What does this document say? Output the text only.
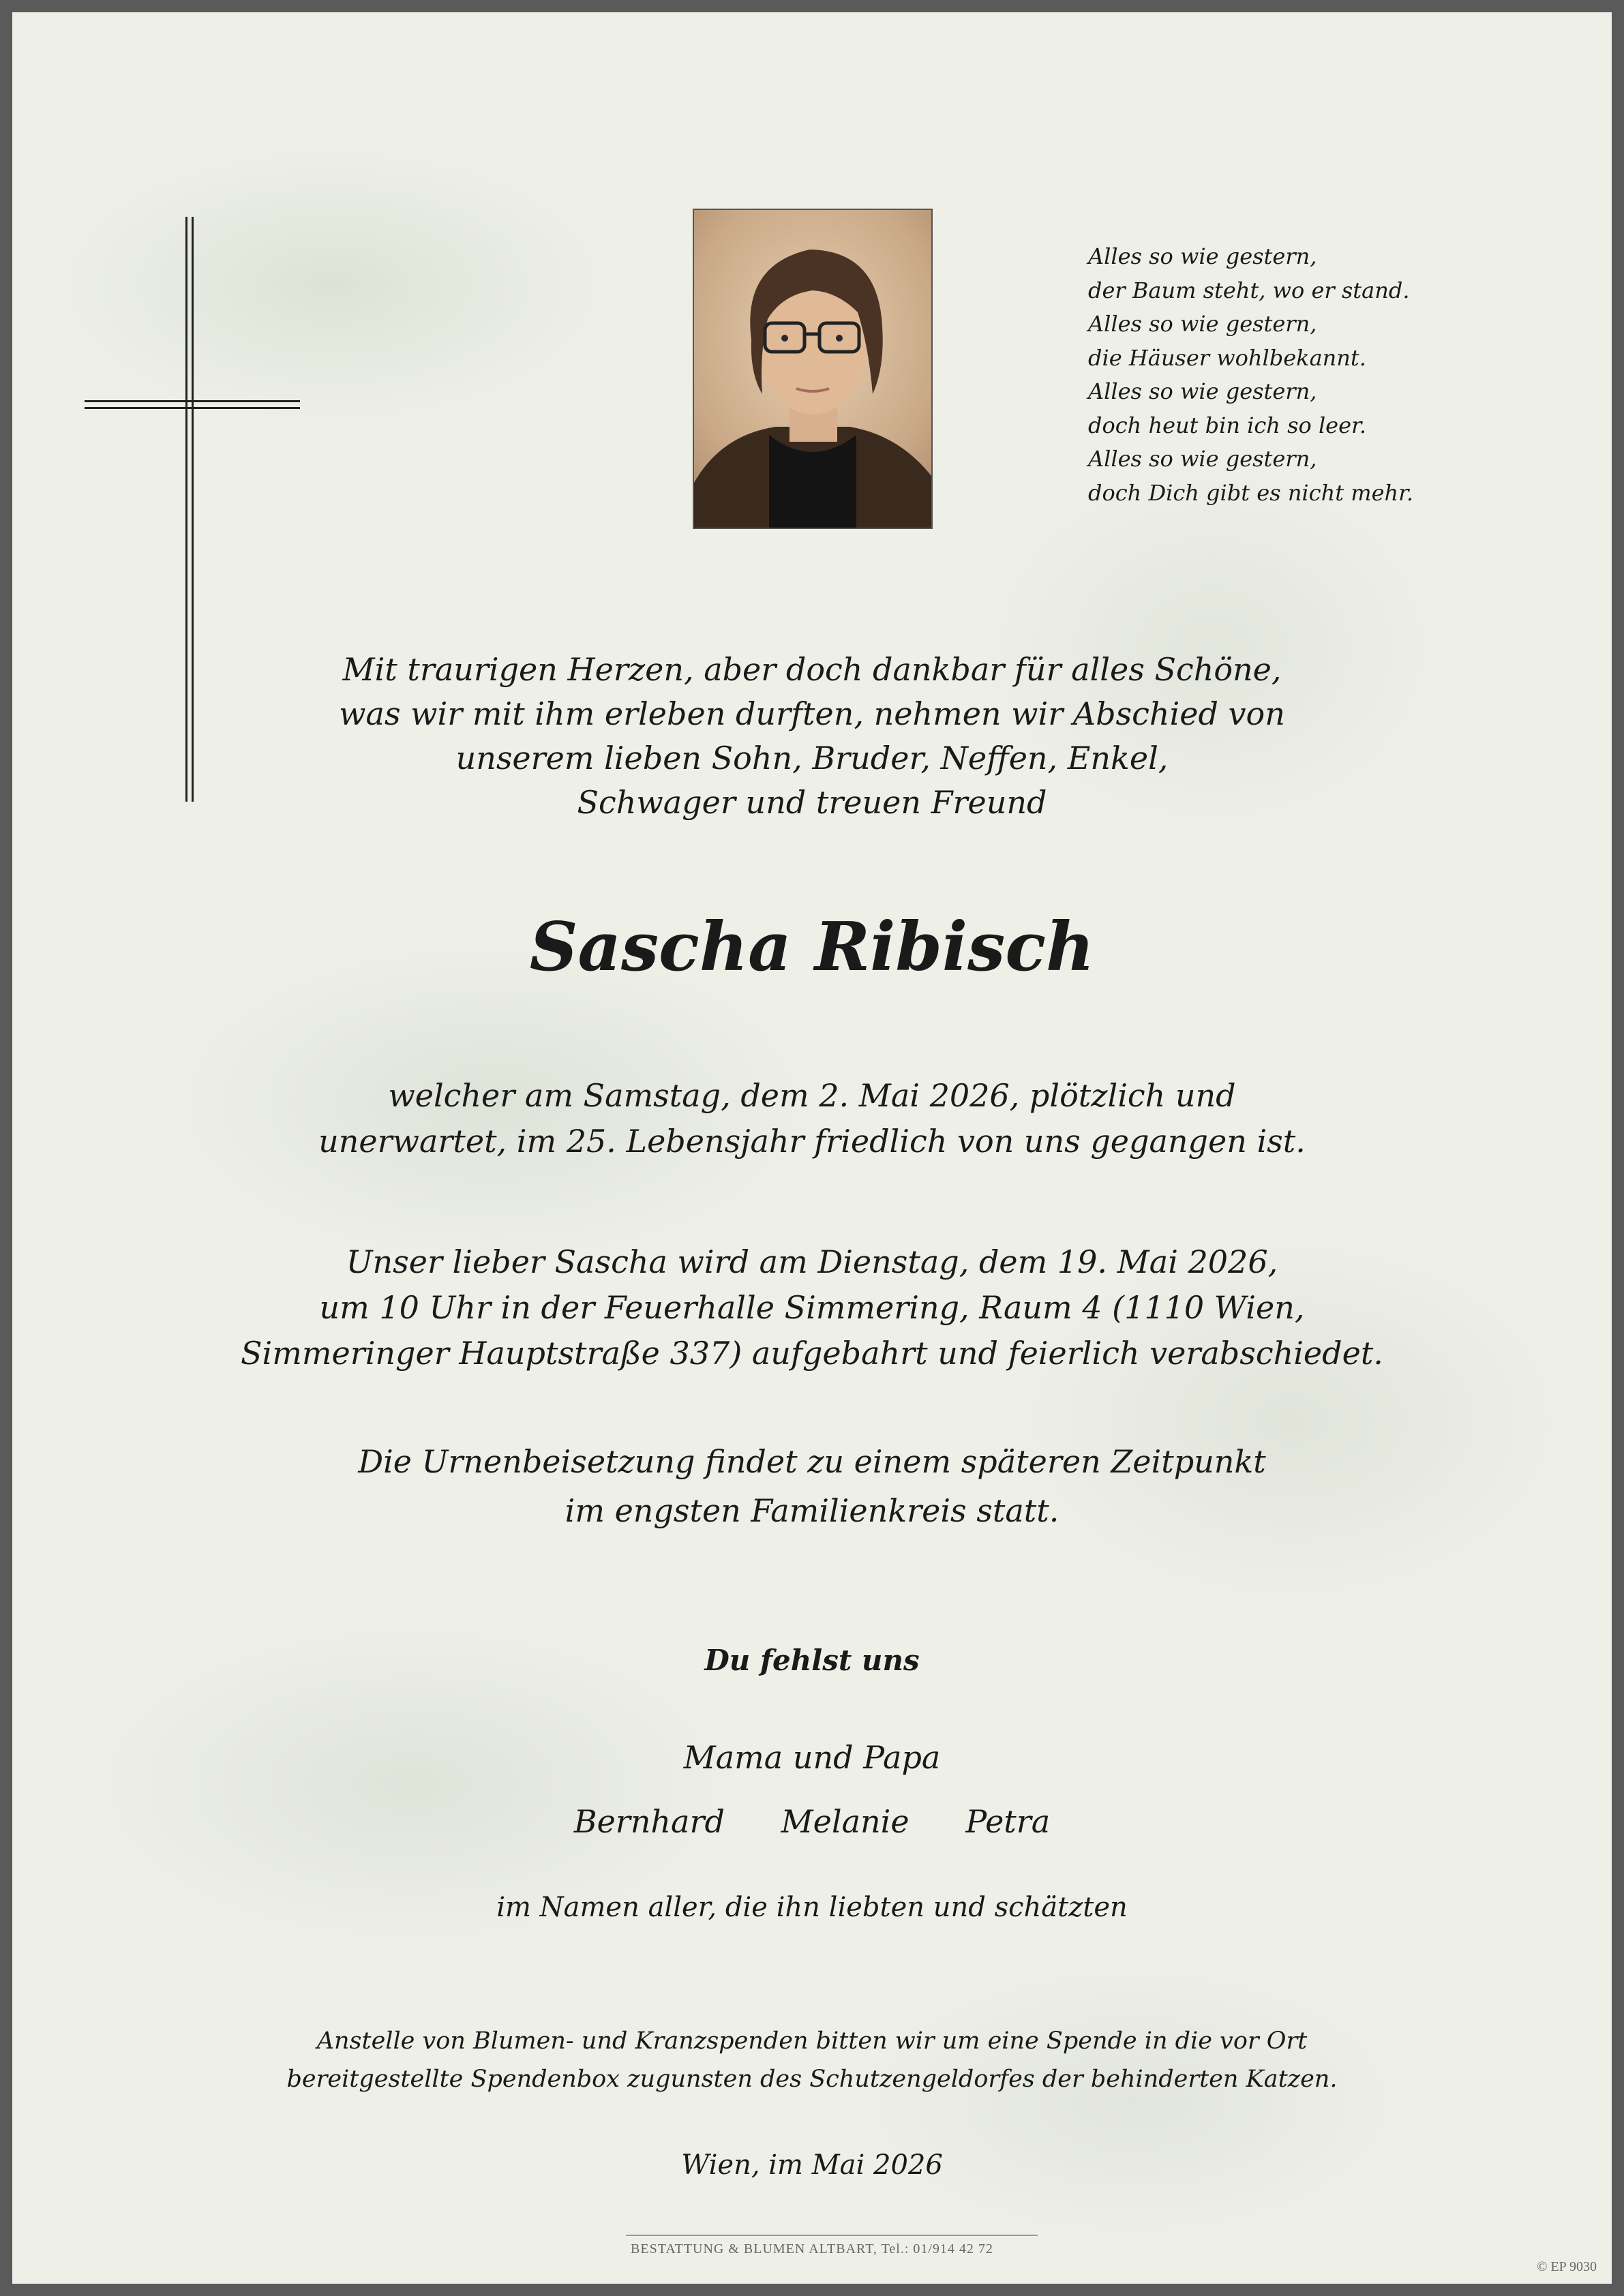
Alles so wie gestern,
der Baum steht, wo er stand.
Alles so wie gestern,
die Häuser wohlbekannt.
Alles so wie gestern,
doch heut bin ich so leer.
Alles so wie gestern,
doch Dich gibt es nicht mehr.
Mit traurigen Herzen, aber doch dankbar für alles Schöne,
was wir mit ihm erleben durften, nehmen wir Abschied von
unserem lieben Sohn, Bruder, Neffen, Enkel,
Schwager und treuen Freund
Sascha Ribisch
welcher am Samstag, dem 2. Mai 2026, plötzlich und
unerwartet, im 25. Lebensjahr friedlich von uns gegangen ist.
Unser lieber Sascha wird am Dienstag, dem 19. Mai 2026,
um 10 Uhr in der Feuerhalle Simmering, Raum 4 (1110 Wien,
Simmeringer Hauptstraße 337) aufgebahrt und feierlich verabschiedet.
Die Urnenbeisetzung findet zu einem späteren Zeitpunkt
im engsten Familienkreis statt.
Du fehlst uns
Mama und Papa
Bernhard Melanie Petra
im Namen aller, die ihn liebten und schätzten
Anstelle von Blumen- und Kranzspenden bitten wir um eine Spende in die vor Ort
bereitgestellte Spendenbox zugunsten des Schutzengeldorfes der behinderten Katzen.
Wien, im Mai 2026
BESTATTUNG & BLUMEN ALTBART, Tel.: 01/914 42 72
© EP 9030
